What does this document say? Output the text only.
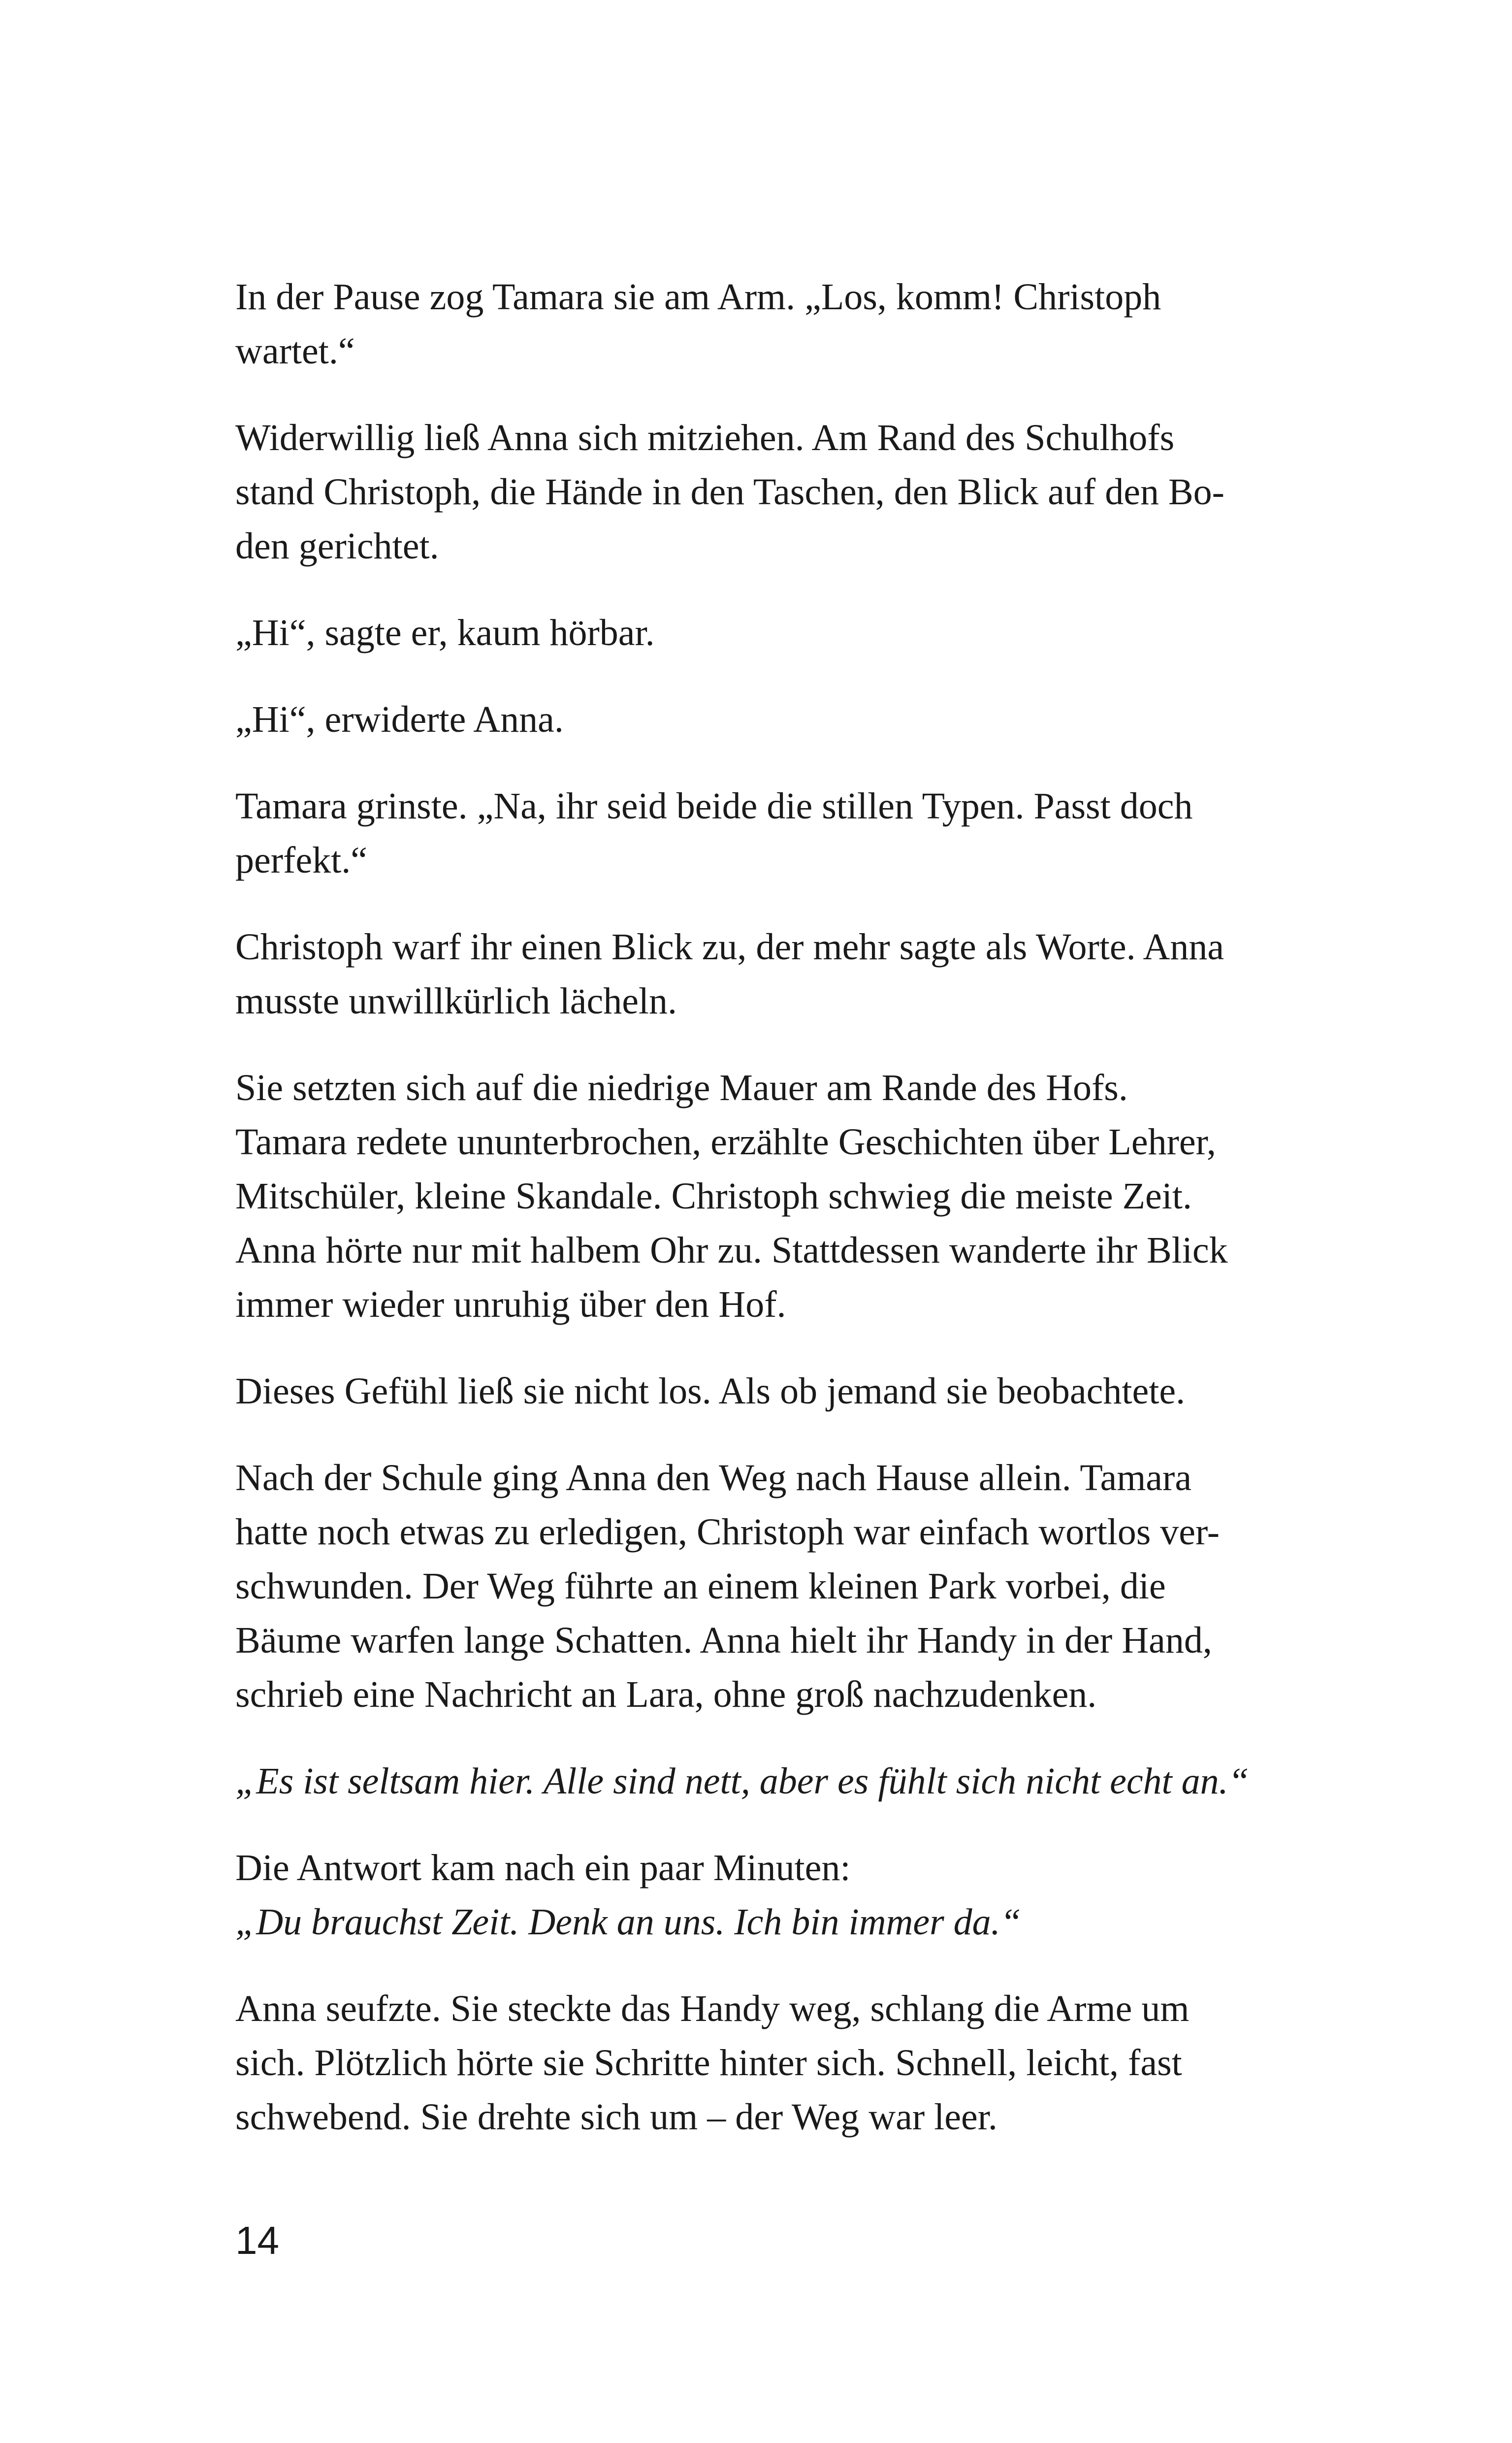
In der Pause zog Tamara sie am Arm. „Los, komm! Christoph
wartet.“

Widerwillig ließ Anna sich mitziehen. Am Rand des Schulhofs
stand Christoph, die Hände in den Taschen, den Blick auf den Bo-
den gerichtet.

„Hi“, sagte er, kaum hörbar.

„Hi“, erwiderte Anna.

Tamara grinste. „Na, ihr seid beide die stillen Typen. Passt doch
perfekt.“

Christoph warf ihr einen Blick zu, der mehr sagte als Worte. Anna
musste unwillkürlich lächeln.

Sie setzten sich auf die niedrige Mauer am Rande des Hofs.
Tamara redete ununterbrochen, erzählte Geschichten über Lehrer,
Mitschüler, kleine Skandale. Christoph schwieg die meiste Zeit.
Anna hörte nur mit halbem Ohr zu. Stattdessen wanderte ihr Blick
immer wieder unruhig über den Hof.

Dieses Gefühl ließ sie nicht los. Als ob jemand sie beobachtete.

Nach der Schule ging Anna den Weg nach Hause allein. Tamara
hatte noch etwas zu erledigen, Christoph war einfach wortlos ver-
schwunden. Der Weg führte an einem kleinen Park vorbei, die
Bäume warfen lange Schatten. Anna hielt ihr Handy in der Hand,
schrieb eine Nachricht an Lara, ohne groß nachzudenken.

„Es ist seltsam hier. Alle sind nett, aber es fühlt sich nicht echt an.“

Die Antwort kam nach ein paar Minuten:
„Du brauchst Zeit. Denk an uns. Ich bin immer da.“

Anna seufzte. Sie steckte das Handy weg, schlang die Arme um
sich. Plötzlich hörte sie Schritte hinter sich. Schnell, leicht, fast
schwebend. Sie drehte sich um – der Weg war leer.

14
